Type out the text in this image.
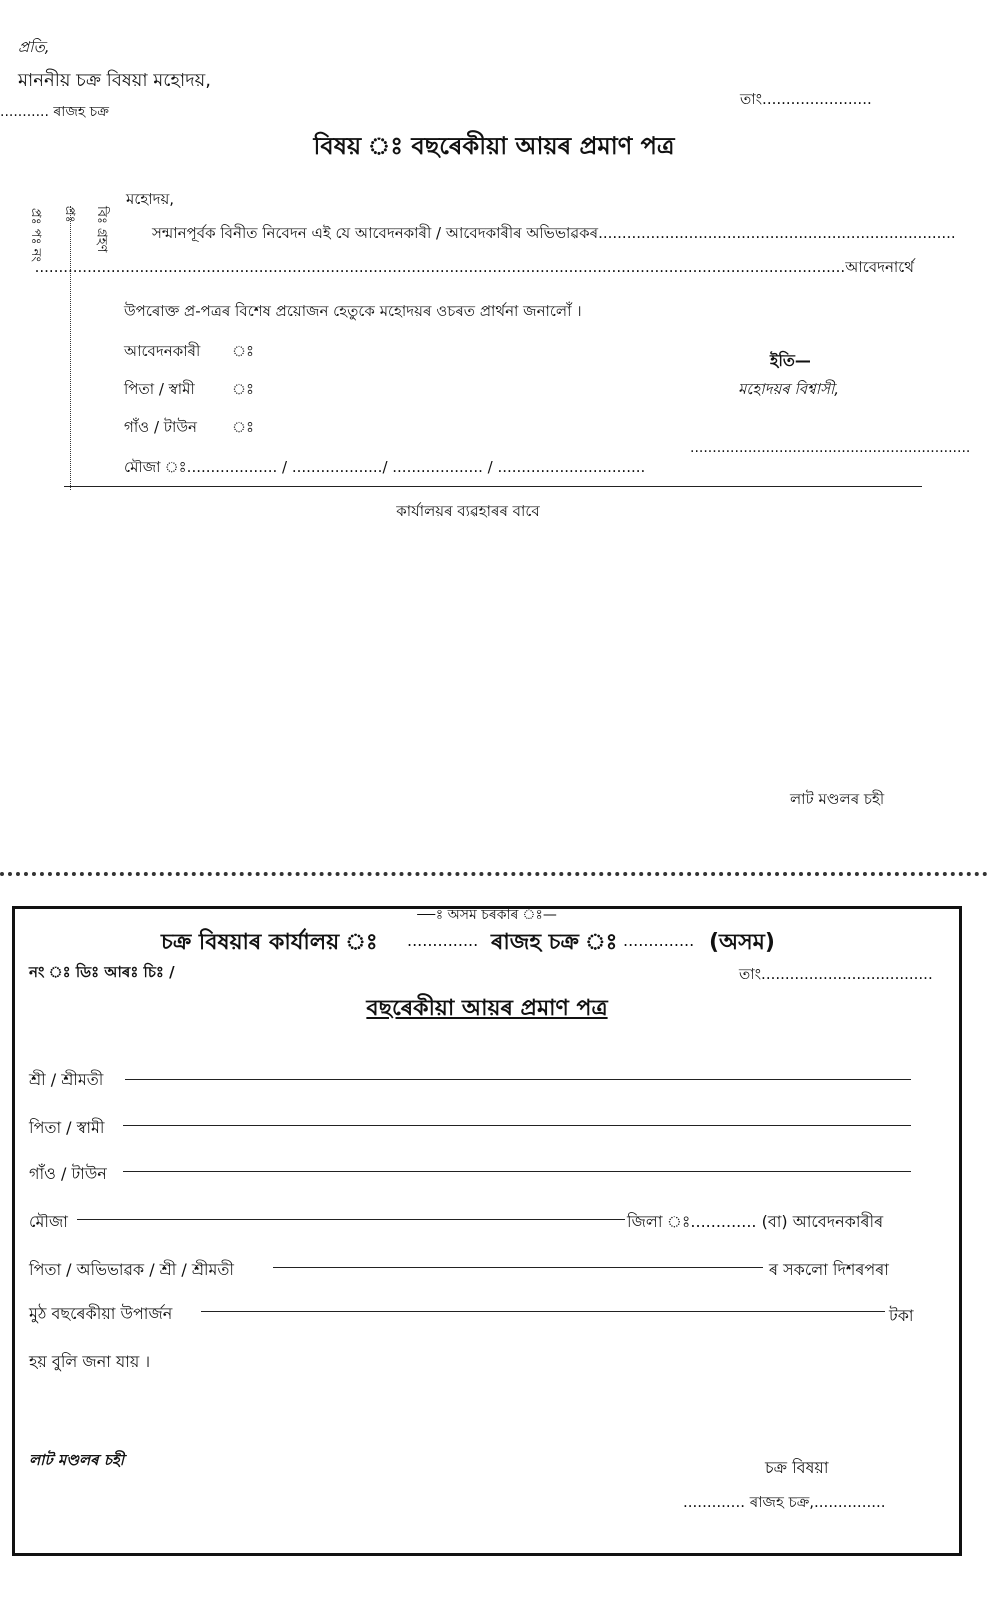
প্ৰতি,
মাননীয় চক্ৰ বিষয়া মহোদয়,
........... ৰাজহ চক্ৰ
তাং.......................
বিষয় ঃ বছৰেকীয়া আয়ৰ প্ৰমাণ পত্ৰ
প্ৰঃ পঃ নং	প্ৰঃ	বিঃ গ্ৰহণ
মহোদয়,
সন্মানপূৰ্বক বিনীত নিবেদন এই যে আবেদনকাৰী / আবেদকাৰীৰ অভিভাৱকৰ...........................................................................
..........................................................................................................................................................................আবেদনাৰ্থে
উপৰোক্ত প্ৰ-পত্ৰৰ বিশেষ প্ৰয়োজন হেতুকে মহোদয়ৰ ওচৰত প্ৰাৰ্থনা জনালোঁ ।
আবেদনকাৰী ঃ
পিতা / স্বামী ঃ
গাঁও / টাউন ঃ
মৌজা ঃ................... / .................../ ................... / ...............................
ইতি—
মহোদয়ৰ বিশ্বাসী,
...............................................................
কাৰ্যালয়ৰ ব্যৱহাৰৰ বাবে
লাট মণ্ডলৰ চহী
—ঃ অসম চৰকাৰ ঃ—
চক্ৰ বিষয়াৰ কাৰ্যালয় ঃ .............. ৰাজহ চক্ৰ ঃ .............. (অসম)
নং ঃ ডিঃ আৰঃ চিঃ /	তাং....................................
বছৰেকীয়া আয়ৰ প্ৰমাণ পত্ৰ
শ্ৰী / শ্ৰীমতী
পিতা / স্বামী
গাঁও / টাউন
মৌজা	জিলা ঃ............. (বা) আবেদনকাৰীৰ
পিতা / অভিভাৱক / শ্ৰী / শ্ৰীমতী	ৰ সকলো দিশৰপৰা
মুঠ বছৰেকীয়া উপাৰ্জন	টকা
হয় বুলি জনা যায় ।
লাট মণ্ডলৰ চহী	চক্ৰ বিষয়া
............. ৰাজহ চক্ৰ,...............
